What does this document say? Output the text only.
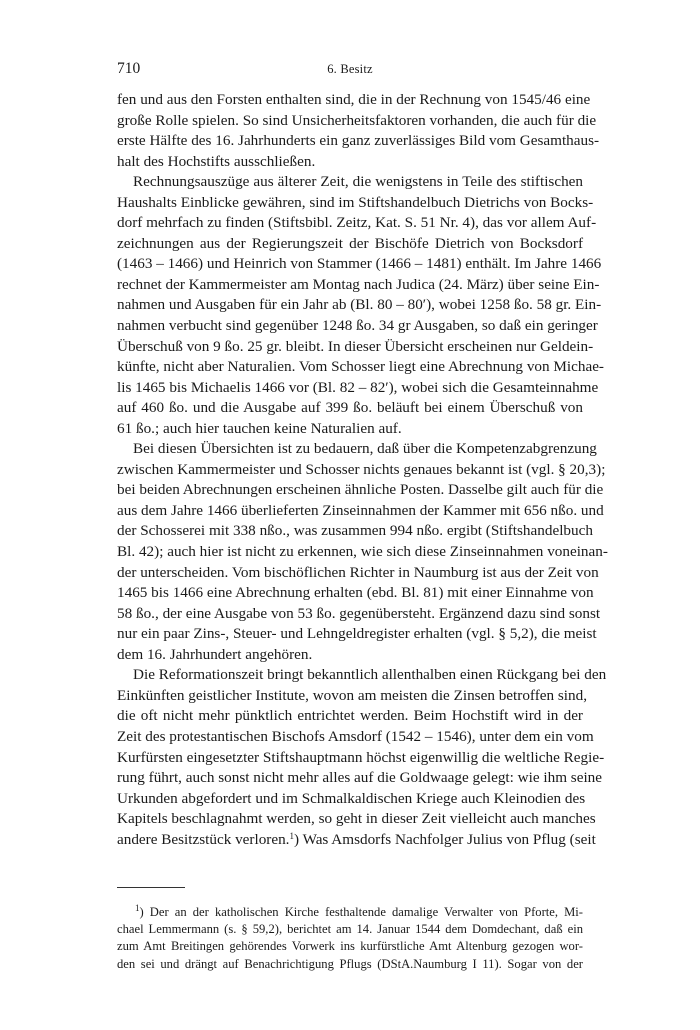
710	6. Besitz
fen und aus den Forsten enthalten sind, die in der Rechnung von 1545/46 eine
große Rolle spielen. So sind Unsicherheitsfaktoren vorhanden, die auch für die
erste Hälfte des 16. Jahrhunderts ein ganz zuverlässiges Bild vom Gesamthaus-
halt des Hochstifts ausschließen.
Rechnungsauszüge aus älterer Zeit, die wenigstens in Teile des stiftischen
Haushalts Einblicke gewähren, sind im Stiftshandelbuch Dietrichs von Bocks-
dorf mehrfach zu finden (Stiftsbibl. Zeitz, Kat. S. 51 Nr. 4), das vor allem Auf-
zeichnungen aus der Regierungszeit der Bischöfe Dietrich von Bocksdorf
(1463 – 1466) und Heinrich von Stammer (1466 – 1481) enthält. Im Jahre 1466
rechnet der Kammermeister am Montag nach Judica (24. März) über seine Ein-
nahmen und Ausgaben für ein Jahr ab (Bl. 80 – 80′), wobei 1258 ßo. 58 gr. Ein-
nahmen verbucht sind gegenüber 1248 ßo. 34 gr Ausgaben, so daß ein geringer
Überschuß von 9 ßo. 25 gr. bleibt. In dieser Übersicht erscheinen nur Geldein-
künfte, nicht aber Naturalien. Vom Schosser liegt eine Abrechnung von Michae-
lis 1465 bis Michaelis 1466 vor (Bl. 82 – 82′), wobei sich die Gesamteinnahme
auf 460 ßo. und die Ausgabe auf 399 ßo. beläuft bei einem Überschuß von
61 ßo.; auch hier tauchen keine Naturalien auf.
Bei diesen Übersichten ist zu bedauern, daß über die Kompetenzabgrenzung
zwischen Kammermeister und Schosser nichts genaues bekannt ist (vgl. § 20,3);
bei beiden Abrechnungen erscheinen ähnliche Posten. Dasselbe gilt auch für die
aus dem Jahre 1466 überlieferten Zinseinnahmen der Kammer mit 656 nßo. und
der Schosserei mit 338 nßo., was zusammen 994 nßo. ergibt (Stiftshandelbuch
Bl. 42); auch hier ist nicht zu erkennen, wie sich diese Zinseinnahmen voneinan-
der unterscheiden. Vom bischöflichen Richter in Naumburg ist aus der Zeit von
1465 bis 1466 eine Abrechnung erhalten (ebd. Bl. 81) mit einer Einnahme von
58 ßo., der eine Ausgabe von 53 ßo. gegenübersteht. Ergänzend dazu sind sonst
nur ein paar Zins-, Steuer- und Lehngeldregister erhalten (vgl. § 5,2), die meist
dem 16. Jahrhundert angehören.
Die Reformationszeit bringt bekanntlich allenthalben einen Rückgang bei den
Einkünften geistlicher Institute, wovon am meisten die Zinsen betroffen sind,
die oft nicht mehr pünktlich entrichtet werden. Beim Hochstift wird in der
Zeit des protestantischen Bischofs Amsdorf (1542 – 1546), unter dem ein vom
Kurfürsten eingesetzter Stiftshauptmann höchst eigenwillig die weltliche Regie-
rung führt, auch sonst nicht mehr alles auf die Goldwaage gelegt: wie ihm seine
Urkunden abgefordert und im Schmalkaldischen Kriege auch Kleinodien des
Kapitels beschlagnahmt werden, so geht in dieser Zeit vielleicht auch manches
andere Besitzstück verloren.$^1$) Was Amsdorfs Nachfolger Julius von Pflug (seit
$^1$) Der an der katholischen Kirche festhaltende damalige Verwalter von Pforte, Mi-
chael Lemmermann (s. § 59,2), berichtet am 14. Januar 1544 dem Domdechant, daß ein
zum Amt Breitingen gehörendes Vorwerk ins kurfürstliche Amt Altenburg gezogen wor-
den sei und drängt auf Benachrichtigung Pflugs (DStA.Naumburg I 11). Sogar von der
